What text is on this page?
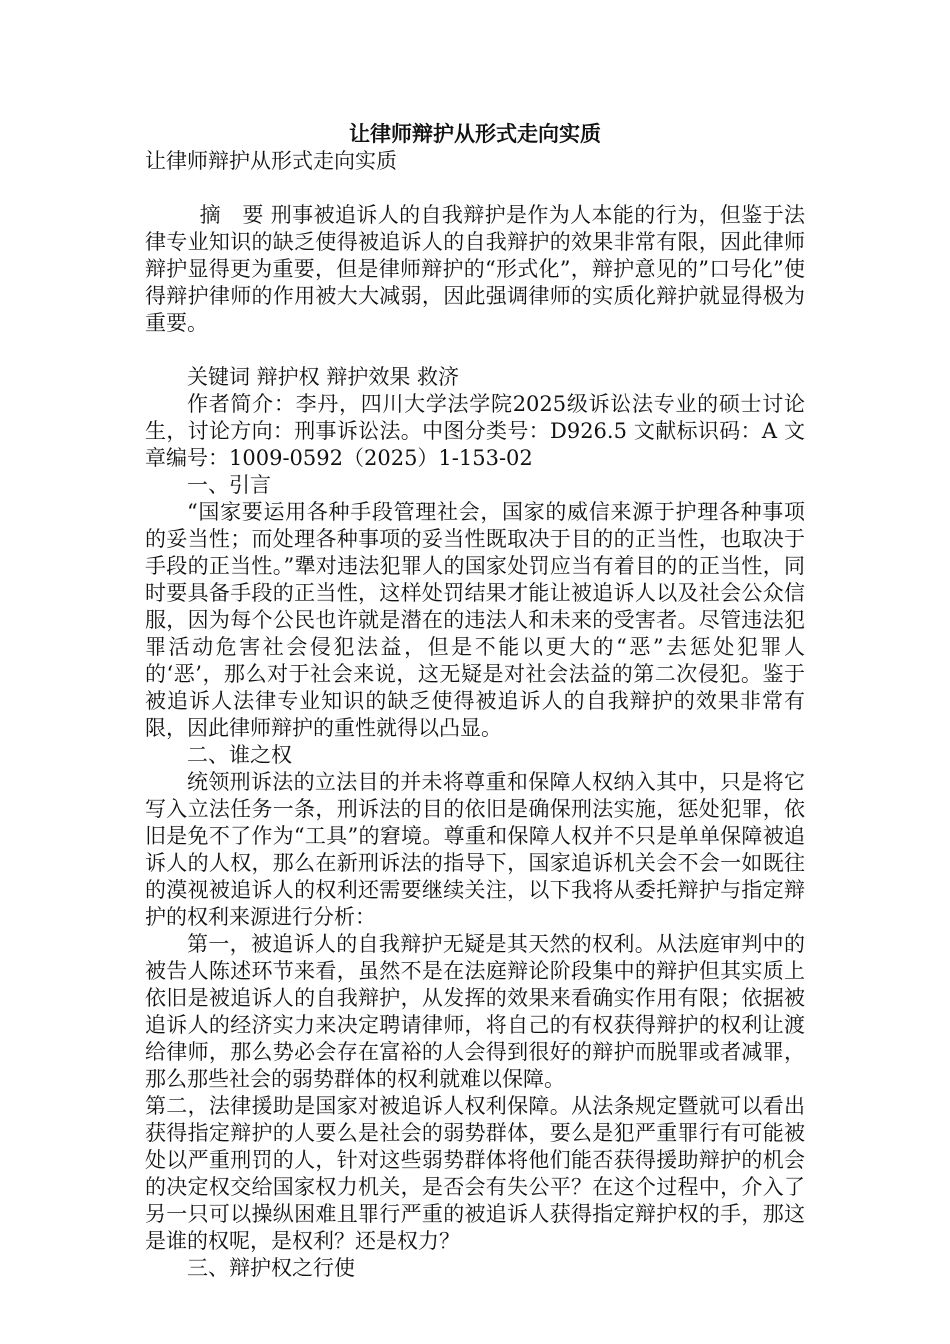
让律师辩护从形式走向实质
让律师辩护从形式走向实质

摘　要 刑事被追诉人的自我辩护是作为人本能的行为，但鉴于法律专业知识的缺乏使得被追诉人的自我辩护的效果非常有限，因此律师辩护显得更为重要，但是律师辩护的“形式化”，辩护意见的”口号化”使得辩护律师的作用被大大减弱，因此强调律师的实质化辩护就显得极为重要。

关键词 辩护权 辩护效果 救济

作者简介：李丹，四川大学法学院2025级诉讼法专业的硕士讨论生，讨论方向：刑事诉讼法。中图分类号：D926.5 文献标识码：A 文章编号：1009-0592（2025）1-153-02

一、引言

“国家要运用各种手段管理社会，国家的威信来源于护理各种事项的妥当性；而处理各种事项的妥当性既取决于目的的正当性，也取决于手段的正当性。”犟对违法犯罪人的国家处罚应当有着目的的正当性，同时要具备手段的正当性，这样处罚结果才能让被追诉人以及社会公众信服，因为每个公民也许就是潜在的违法人和未来的受害者。尽管违法犯罪活动危害社会侵犯法益，但是不能以更大的“恶”去惩处犯罪人的‘恶’，那么对于社会来说，这无疑是对社会法益的第二次侵犯。鉴于被追诉人法律专业知识的缺乏使得被追诉人的自我辩护的效果非常有限，因此律师辩护的重性就得以凸显。

二、谁之权

统领刑诉法的立法目的并未将尊重和保障人权纳入其中，只是将它写入立法任务一条，刑诉法的目的依旧是确保刑法实施，惩处犯罪，依旧是免不了作为“工具”的窘境。尊重和保障人权并不只是单单保障被追诉人的人权，那么在新刑诉法的指导下，国家追诉机关会不会一如既往的漠视被追诉人的权利还需要继续关注，以下我将从委托辩护与指定辩护的权利来源进行分析：

第一，被追诉人的自我辩护无疑是其天然的权利。从法庭审判中的被告人陈述环节来看，虽然不是在法庭辩论阶段集中的辩护但其实质上依旧是被追诉人的自我辩护，从发挥的效果来看确实作用有限；依据被追诉人的经济实力来决定聘请律师，将自己的有权获得辩护的权利让渡给律师，那么势必会存在富裕的人会得到很好的辩护而脱罪或者减罪，那么那些社会的弱势群体的权利就难以保障。

第二，法律援助是国家对被追诉人权利保障。从法条规定暨就可以看出获得指定辩护的人要么是社会的弱势群体，要么是犯严重罪行有可能被处以严重刑罚的人，针对这些弱势群体将他们能否获得援助辩护的机会的决定权交给国家权力机关，是否会有失公平？在这个过程中，介入了另一只可以操纵困难且罪行严重的被追诉人获得指定辩护权的手，那这是谁的权呢，是权利？还是权力？

三、辩护权之行使
